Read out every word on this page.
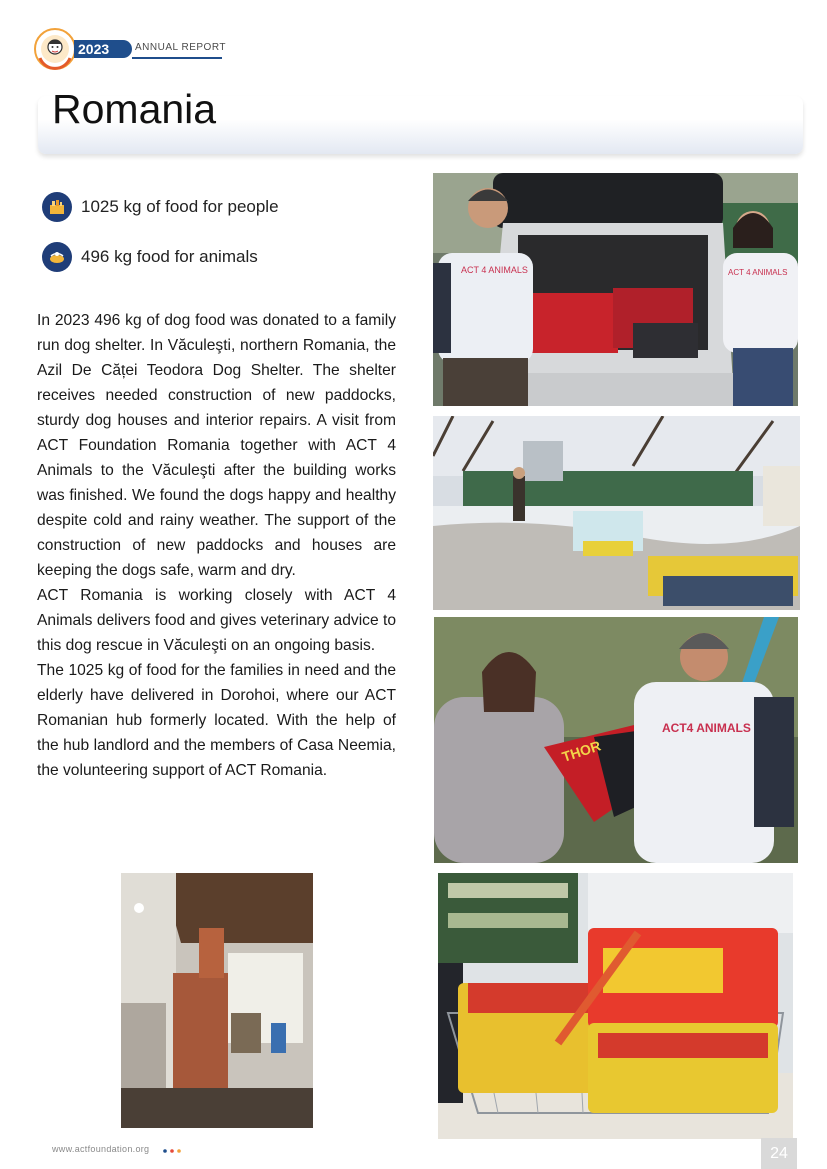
2023	ANNUAL REPORT
Romania
1025 kg of food for people
496 kg food for animals

In 2023 496 kg of dog food was donated to a family run dog shelter. In Văculeşti, northern Romania, the Azil De Căței Teodora Dog Shelter. The shelter receives needed construction of new paddocks, sturdy dog houses and interior repairs. A visit from ACT Foundation Romania together with ACT 4 Animals to the Văculeşti after the building works was finished. We found the dogs happy and healthy despite cold and rainy weather. The support of the construction of new paddocks and houses are keeping the dogs safe, warm and dry.

ACT Romania is working closely with ACT 4 Animals delivers food and gives veterinary advice to this dog rescue in Văculeşti on an ongoing basis.

The 1025 kg of food for the families in need and the elderly have delivered in Dorohoi, where our ACT Romanian hub formerly located. With the help of the hub landlord and the members of Casa Neemia, the volunteering support of ACT Romania.

ACT 4 ANIMALS	ACT 4 ANIMALS
THOR
ACT4 ANIMALS
www.actfoundation.org	24
